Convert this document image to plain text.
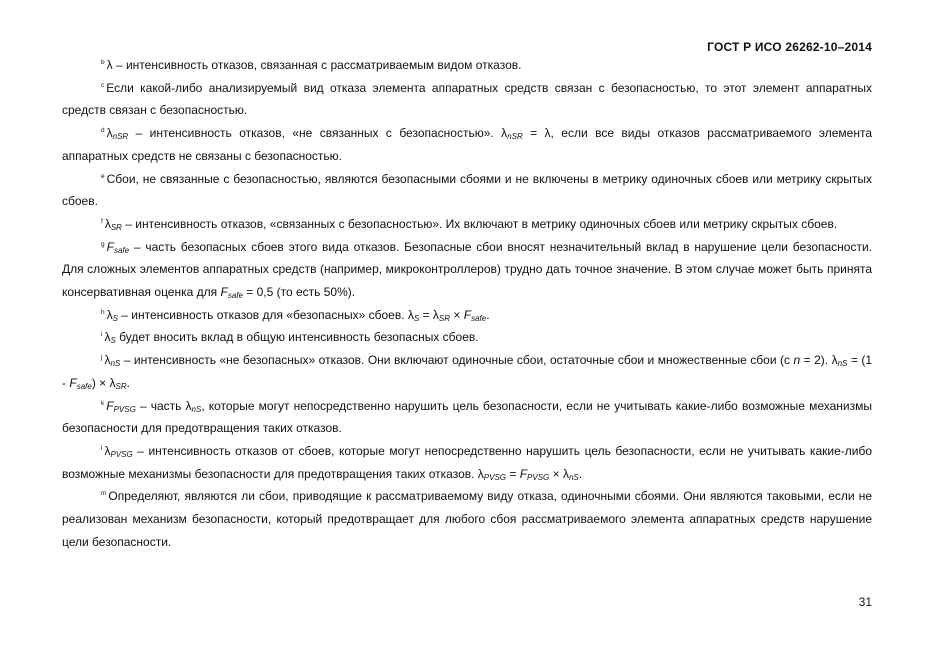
ГОСТ Р ИСО 26262-10–2014

$^b$ λ – интенсивность отказов, связанная с рассматриваемым видом отказов.

$^c$ Если какой-либо анализируемый вид отказа элемента аппаратных средств связан с безопасностью, то этот элемент аппаратных средств связан с безопасностью.

$^d$ $\lambda_{nSR}$ – интенсивность отказов, «не связанных с безопасностью». $\lambda_{nSR} = \lambda$, если все виды отказов рассматриваемого элемента аппаратных средств не связаны с безопасностью.

$^e$ Сбои, не связанные с безопасностью, являются безопасными сбоями и не включены в метрику одиночных сбоев или метрику скрытых сбоев.

$^f$ $\lambda_{SR}$ – интенсивность отказов, «связанных с безопасностью». Их включают в метрику одиночных сбоев или метрику скрытых сбоев.

$^g$ $F_{safe}$ – часть безопасных сбоев этого вида отказов. Безопасные сбои вносят незначительный вклад в нарушение цели безопасности. Для сложных элементов аппаратных средств (например, микроконтроллеров) трудно дать точное значение. В этом случае может быть принята консервативная оценка для $F_{safe} = 0,5$ (то есть 50%).

$^h$ $\lambda_S$ – интенсивность отказов для «безопасных» сбоев. $\lambda_S = \lambda_{SR} \times F_{safe}$.

$^i$ $\lambda_S$ будет вносить вклад в общую интенсивность безопасных сбоев.

$^j$ $\lambda_{nS}$ – интенсивность «не безопасных» отказов. Они включают одиночные сбои, остаточные сбои и множественные сбои (с n = 2). $\lambda_{nS} = (1 - F_{safe}) \times \lambda_{SR}$.

$^k$ $F_{PVSG}$ – часть $\lambda_{nS}$, которые могут непосредственно нарушить цель безопасности, если не учитывать какие-либо возможные механизмы безопасности для предотвращения таких отказов.

$^l$ $\lambda_{PVSG}$ – интенсивность отказов от сбоев, которые могут непосредственно нарушить цель безопасности, если не учитывать какие-либо возможные механизмы безопасности для предотвращения таких отказов. $\lambda_{PVSG} = F_{PVSG} \times \lambda_{nS}$.

$^m$ Определяют, являются ли сбои, приводящие к рассматриваемому виду отказа, одиночными сбоями. Они являются таковыми, если не реализован механизм безопасности, который предотвращает для любого сбоя рассматриваемого элемента аппаратных средств нарушение цели безопасности.

31
